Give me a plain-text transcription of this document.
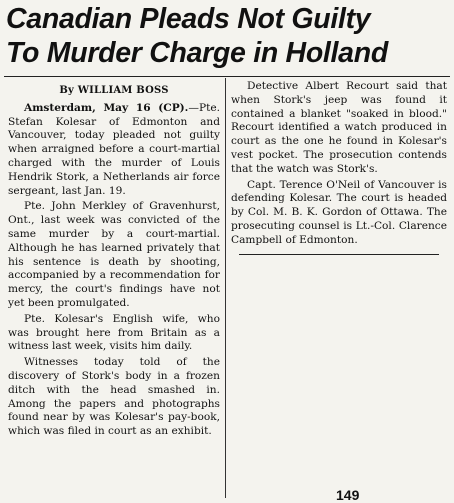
Canadian Pleads Not Guilty
To Murder Charge in Holland
By WILLIAM BOSS

Amsterdam, May 16 (CP).—Pte. Stefan Kolesar of Edmonton and Vancouver, today pleaded not guilty when arraigned before a court-martial charged with the murder of Louis Hendrik Stork, a Netherlands air force sergeant, last Jan. 19.

Pte. John Merkley of Gravenhurst, Ont., last week was convicted of the same murder by a court-martial. Although he has learned privately that his sentence is death by shooting, accompanied by a recommendation for mercy, the court's findings have not yet been promulgated.

Pte. Kolesar's English wife, who was brought here from Britain as a witness last week, visits him daily.

Witnesses today told of the discovery of Stork's body in a frozen ditch with the head smashed in. Among the papers and photographs found near by was Kolesar's pay-book, which was filed in court as an exhibit.

Detective Albert Recourt said that when Stork's jeep was found it contained a blanket "soaked in blood." Recourt identified a watch produced in court as the one he found in Kolesar's vest pocket. The prosecution contends that the watch was Stork's.

Capt. Terence O'Neil of Vancouver is defending Kolesar. The court is headed by Col. M. B. K. Gordon of Ottawa. The prosecuting counsel is Lt.-Col. Clarence Campbell of Edmonton.

149
